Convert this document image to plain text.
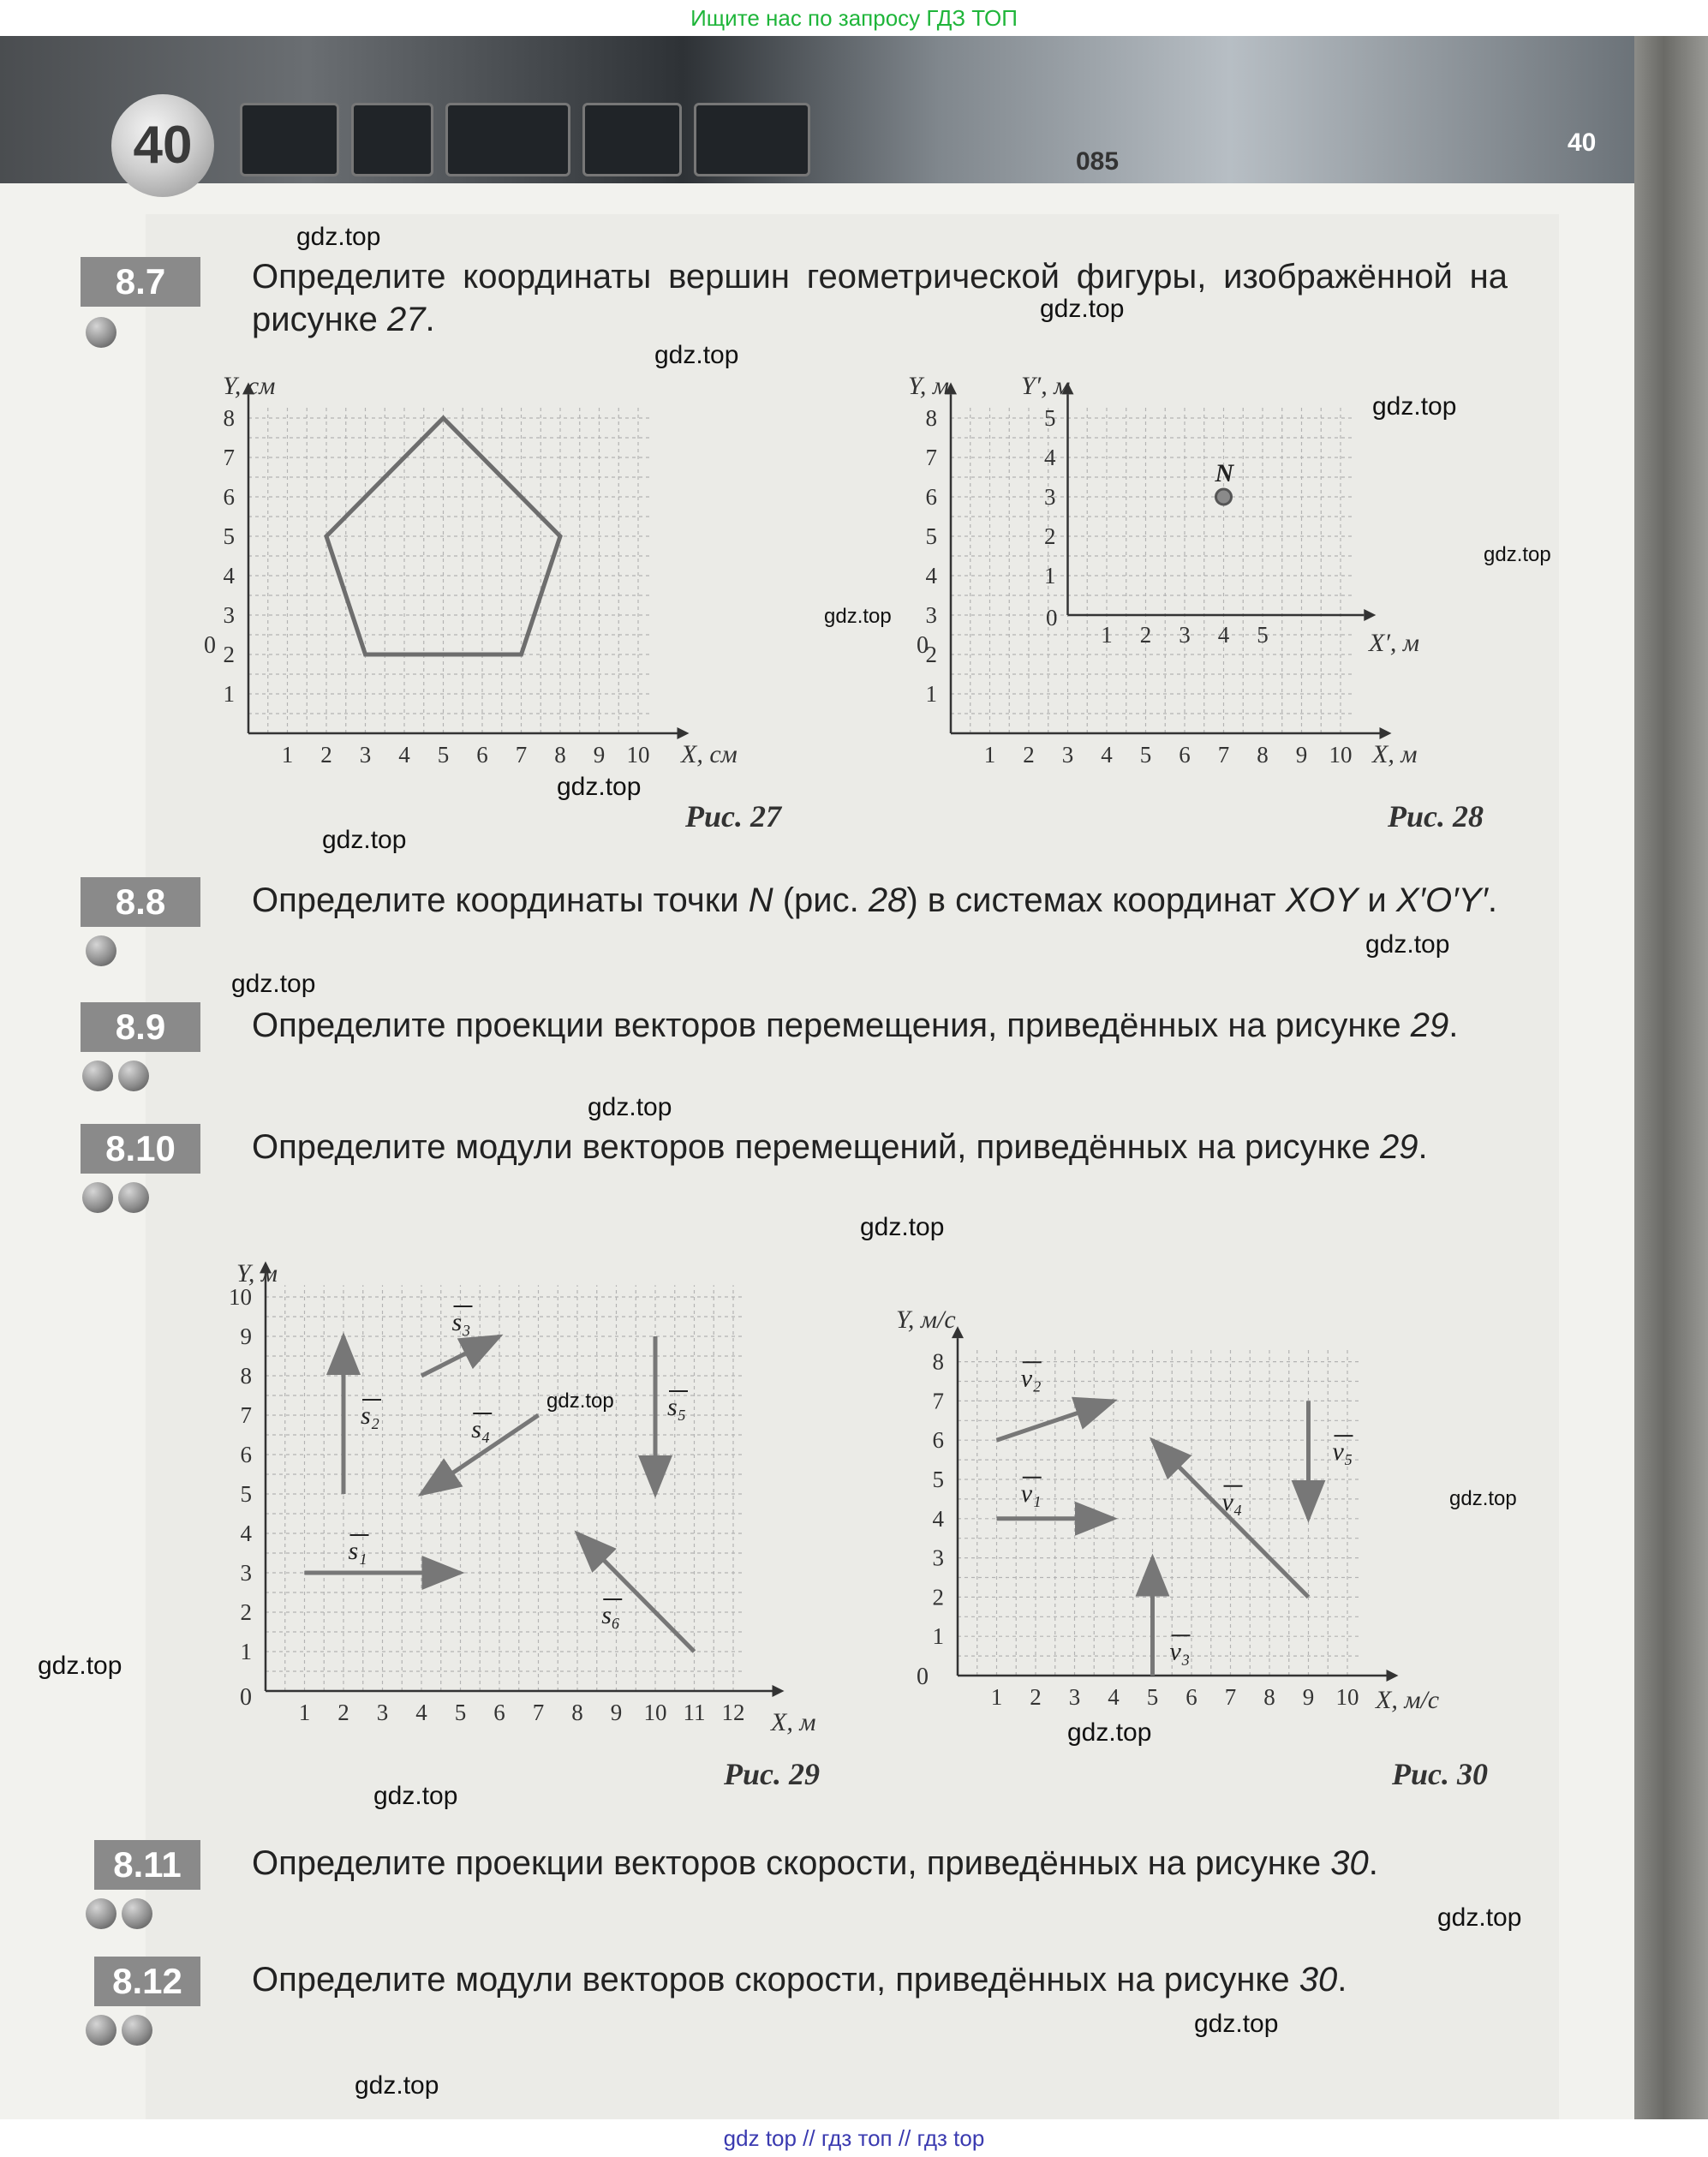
Ищите нас по запросу ГДЗ ТОП
40	085
40
8.7	Определите координаты вершин геометрической фигуры, изображённой на рисунке 27.
1 2 3 4 5 6 7 8 9 10
1
2
3
4
5
6
7
8
0
Y, см
X, см
Рис. 27
0
1 2 3 4 5 6 7 8 9 10
1
2
3
4
5
6
7
8
1 2 3 4 5
1
2
3
4
5
N
0
Y, м	Y′, м
X, м
X′, м
Рис. 28
8.8	Определите координаты точки N (рис. 28) в системах координат XOY и X′O′Y′.
8.9	Определите проекции векторов перемещения, приведённых на рисунке 29.
8.10	Определите модули векторов перемещений, приведённых на рисунке 29.
s₁
s₂
s₃
s₄
s₅
s₆
1 2 3 4 5 6 7 8 9 10 11 12
1
2
3
4
5
6
7
8
9
10
0
Y, м
X, м
Рис. 29
v₁
v₂
v₃
v₄
v₅
1 2 3 4 5 6 7 8 9 10
1
2
3
4
5
6
7
8
0
Y, м/с
X, м/с
Рис. 30
8.11	Определите проекции векторов скорости, приведённых на рисунке 30.
8.12	Определите модули векторов скорости, приведённых на рисунке 30.
gdz.top
gdz.top
gdz.top
gdz.top
gdz.top
gdz.top
gdz.top
gdz.top
gdz.top
gdz.top
gdz.top
gdz.top
gdz.top
gdz.top
gdz.top
gdz.top
gdz.top
gdz.top
gdz.top
gdz.top
gdz top // гдз топ // гдз top
